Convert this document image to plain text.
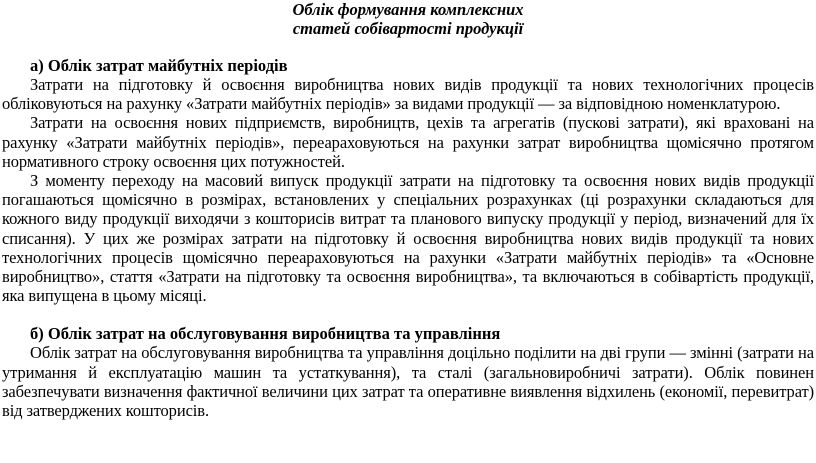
Облік формування комплексних

статей собівартості продукції

а) Облік затрат майбутніх періодів

Затрати на підготовку й освоєння виробництва нових видів продукції та нових технологічних процесів обліковуються на рахунку «Затрати майбутніх періодів» за видами продукції — за відповідною номенклатурою.

Затрати на освоєння нових підприємств, виробництв, цехів та агрегатів (пускові затрати), які враховані на рахунку «Затрати майбутніх періодів», переараховуються на рахунки затрат виробництва щомісячно протягом нормативного строку освоєння цих потужностей.

З моменту переходу на масовий випуск продукції затрати на підготовку та освоєння нових видів продукції погашаються щомісячно в розмірах, встановлених у спеціальних розрахунках (ці розрахунки складаються для кожного виду продукції виходячи з кошторисів витрат та планового випуску продукції у період, визначений для їх списання). У цих же розмірах затрати на підготовку й освоєння виробництва нових видів продукції та нових технологічних процесів щомісячно переараховуються на рахунки «Затрати майбутніх періодів» та «Основне виробництво», стаття «Затрати на підготовку та освоєння виробництва», та включаються в собівартість продукції, яка випущена в цьому місяці.

б) Облік затрат на обслуговування виробництва та управління

Облік затрат на обслуговування виробництва та управління доцільно поділити на дві групи — змінні (затрати на утримання й експлуатацію машин та устаткування), та сталі (загальновиробничі затрати). Облік повинен забезпечувати визначення фактичної величини цих затрат та оперативне виявлення відхилень (економії, перевитрат) від затверджених кошторисів.
